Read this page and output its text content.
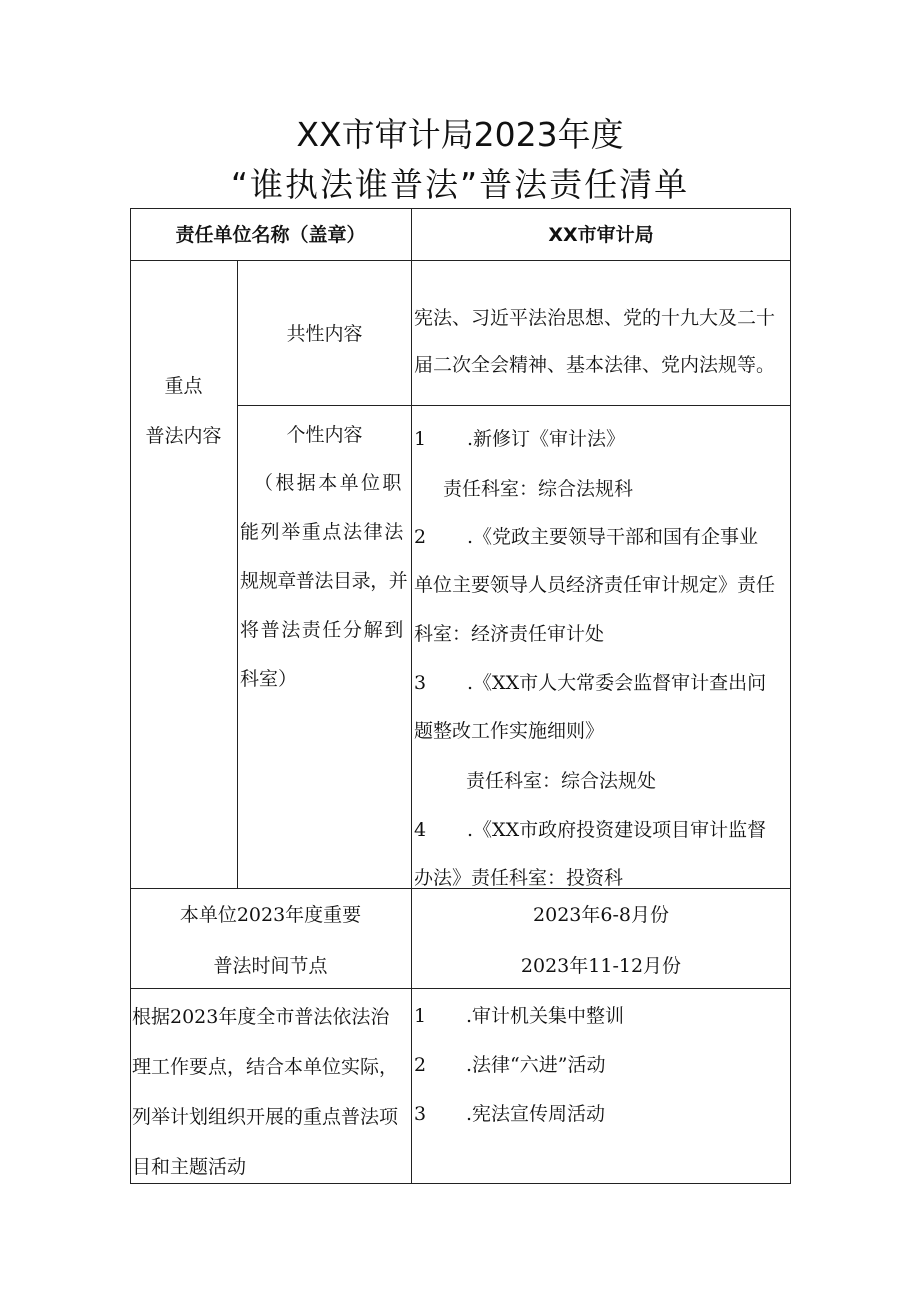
XX市审计局2023年度
“谁执法谁普法”普法责任清单
责任单位名称（盖章）	XX市审计局
重点
普法内容
共性内容
宪法、习近平法治思想、党的十九大及二十
届二次全会精神、基本法律、党内法规等。
个性内容
（根据本单位职
能列举重点法律法
规规章普法目录，并
将普法责任分解到
科室）
1 .新修订《审计法》
责任科室：综合法规科
2 .《党政主要领导干部和国有企事业
单位主要领导人员经济责任审计规定》责任
科室：经济责任审计处
3 .《XX市人大常委会监督审计查出问
题整改工作实施细则》
责任科室：综合法规处
4 .《XX市政府投资建设项目审计监督
办法》责任科室：投资科
本单位2023年度重要
普法时间节点
2023年6-8月份
2023年11-12月份
根据2023年度全市普法依法治
理工作要点，结合本单位实际，
列举计划组织开展的重点普法项
目和主题活动
1 .审计机关集中整训
2 .法律“六进”活动
3 .宪法宣传周活动
